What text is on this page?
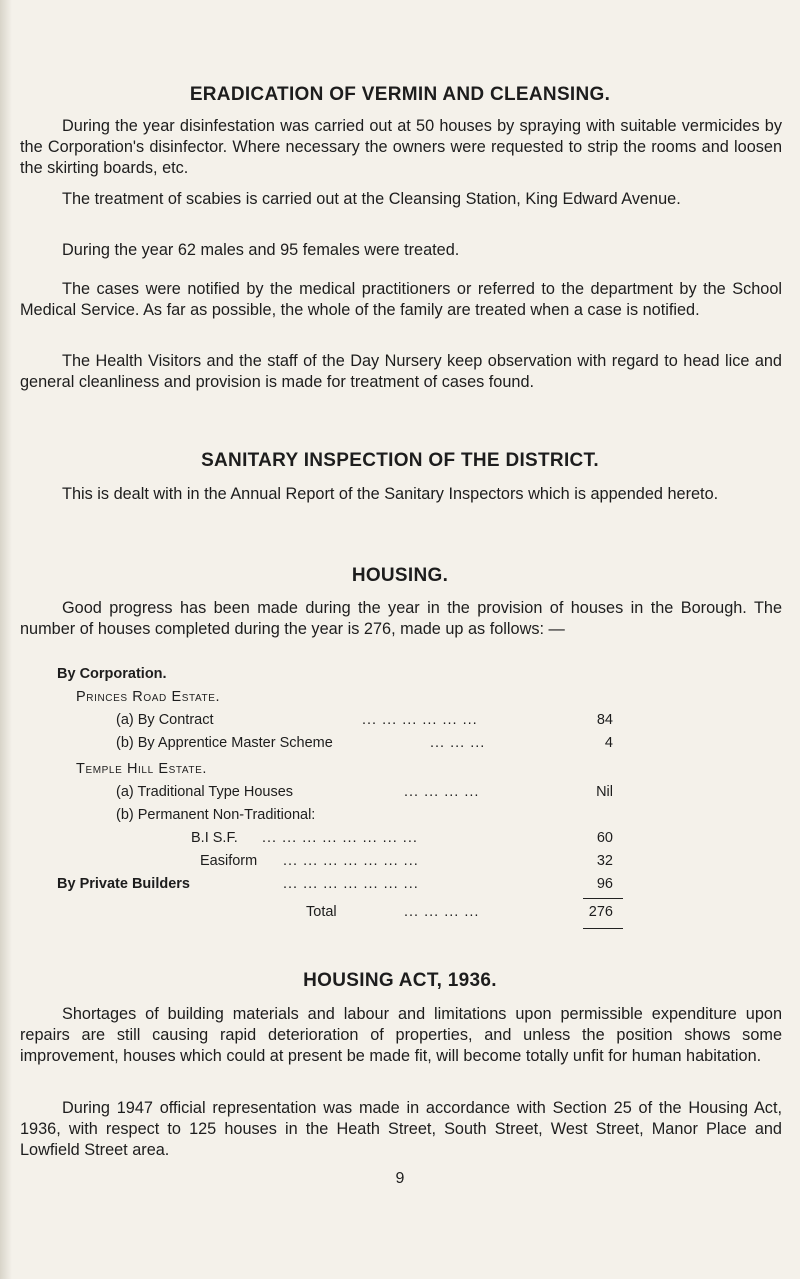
ERADICATION OF VERMIN AND CLEANSING.

During the year disinfestation was carried out at 50 houses by spraying with suitable vermicides by the Corporation's disinfector. Where necessary the owners were requested to strip the rooms and loosen the skirting boards, etc.

The treatment of scabies is carried out at the Cleansing Station, King Edward Avenue.

During the year 62 males and 95 females were treated.

The cases were notified by the medical practitioners or referred to the department by the School Medical Service. As far as possible, the whole of the family are treated when a case is notified.

The Health Visitors and the staff of the Day Nursery keep observation with regard to head lice and general cleanliness and provision is made for treatment of cases found.

SANITARY INSPECTION OF THE DISTRICT.

This is dealt with in the Annual Report of the Sanitary Inspectors which is appended hereto.

HOUSING.

Good progress has been made during the year in the provision of houses in the Borough. The number of houses completed during the year is 276, made up as follows: —

By Corporation.
Princes Road Estate.
(a) By Contract	... ... ... ... ... ...	84
(b) By Apprentice Master Scheme	... ... ...	4
Temple Hill Estate.
(a) Traditional Type Houses	... ... ... ...	Nil
(b) Permanent Non-Traditional:
B.I S.F. ... ... ... ... ... ... ... ...	60
Easiform ... ... ... ... ... ... ...	32
By Private Builders	... ... ... ... ... ... ...	96
Total	... ... ... ...	276
HOUSING ACT, 1936.

Shortages of building materials and labour and limitations upon permissible expenditure upon repairs are still causing rapid deterioration of properties, and unless the position shows some improvement, houses which could at present be made fit, will become totally unfit for human habitation.

During 1947 official representation was made in accordance with Section 25 of the Housing Act, 1936, with respect to 125 houses in the Heath Street, South Street, West Street, Manor Place and Lowfield Street area.

9
